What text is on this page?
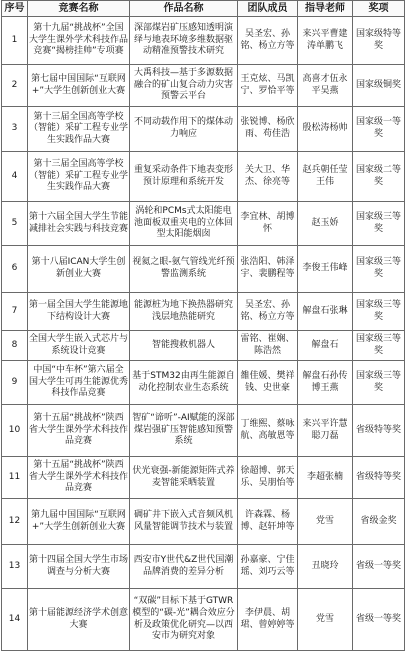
序号	竞赛名称	作品名称	团队成员	指导老师	奖项
1	第十九届“挑战杯”全国大学生课外学术科技作品竞赛“揭榜挂帅”专项赛	深部煤岩矿压感知透明演绎与地表环境多维数据驱动精准预警技术研究	吴圣宏、孙铭、杨立方等	来兴平曹建涛单鹏飞	国家级特等奖
2	第七届中国国际“互联网+”大学生创新创业大赛	大禹科技—基于多源数据融合的矿山复合动力灾害预警云平台	王克炫、马凯宁、罗恰平等	高喜才伍永平吴燕	国家级铜奖
3	第十三届全国高等学校（智能）采矿工程专业学生实践作品大赛	不同动载作用下的煤体动力响应	张锐博、杨欣雨、苟佳浩	殷松涛杨帅	国家级一等奖
4	第十三届全国高等学校（智能）采矿工程专业学生实践作品大赛	重复采动条件下地表变形预计原理和系统开发	关大卫、华杰、徐亮等	赵兵朝任莹王伟	国家级二等奖
5	第十六届全国大学生节能减排社会实践与科技竞赛	涡轮和PCMs式太阳能电池面板双重夹电的立体回型太阳能烟囱	李宜林、胡博怀	赵玉娇	国家级三等奖
6	第十八届ICAN大学生创新创业大赛	视氦之眼-氨气管线光纤预警监测系统	张浩阳、韩泽宇、裴鹏程等	李俊王伟峰	国家级三等奖
7	第一届全国大学生能源地下结构设计大赛	能源桩为地下换热器研究浅层地热能研究	吴圣宏、孙铭、杨立方等	解盘石张琳	国家级三等奖
8	全国大学生嵌入式芯片与系统设计竞赛	智能搜救机器人	雷铭、崔娴、陈浩然	解盘石	国家级三等奖
9	中国“中车杯”第六届全国大学生可再生能源优秀科技作品竞赛	基于STM32由再生能源自动化控制农业生态系统	雒佳媛、樊祥钱、史世豪	解盘石孙传博王燕	国家级三等奖
10	第十五届“挑战杯”陕西省大学生课外学术科技作品竞赛	智矿“谛听”-AI赋能的深部煤岩强矿压智能感知预警系统	丁维熙、蔡咏航、高敏恩等	来兴平许慧聪刀磊	省级特等奖
11	第十五届“挑战杯”陕西省大学生课外学术科技作品竞赛	伏光衰强-新能源矩阵式养麦智能采晒装置	徐超博、郭天乐、吴朋怡等	李超张楠	省级特等奖
12	第九届中国国际“互联网+”大学生创新创业大赛	碉矿井下嵌入式音频风机风量智能调节技术与装置	许森霖、杨博、赵轩坤等	党雪	省级金奖
13	第十四届全国大学生市场调查与分析大赛	西安市Y世代&Z世代国潮品牌消费的差异分析	孙嘉豪、宁佳瑶、刘巧云等	丑晓玲	省级一等奖
14	第十届能源经济学术创意大赛	“双碳”目标下基于GTWR模型的“碳-光”耦合效应分析及政策优化研究—以西安市为研究对象	李伊晨、胡珺、曾婷婷等	党雪	省级一等奖
